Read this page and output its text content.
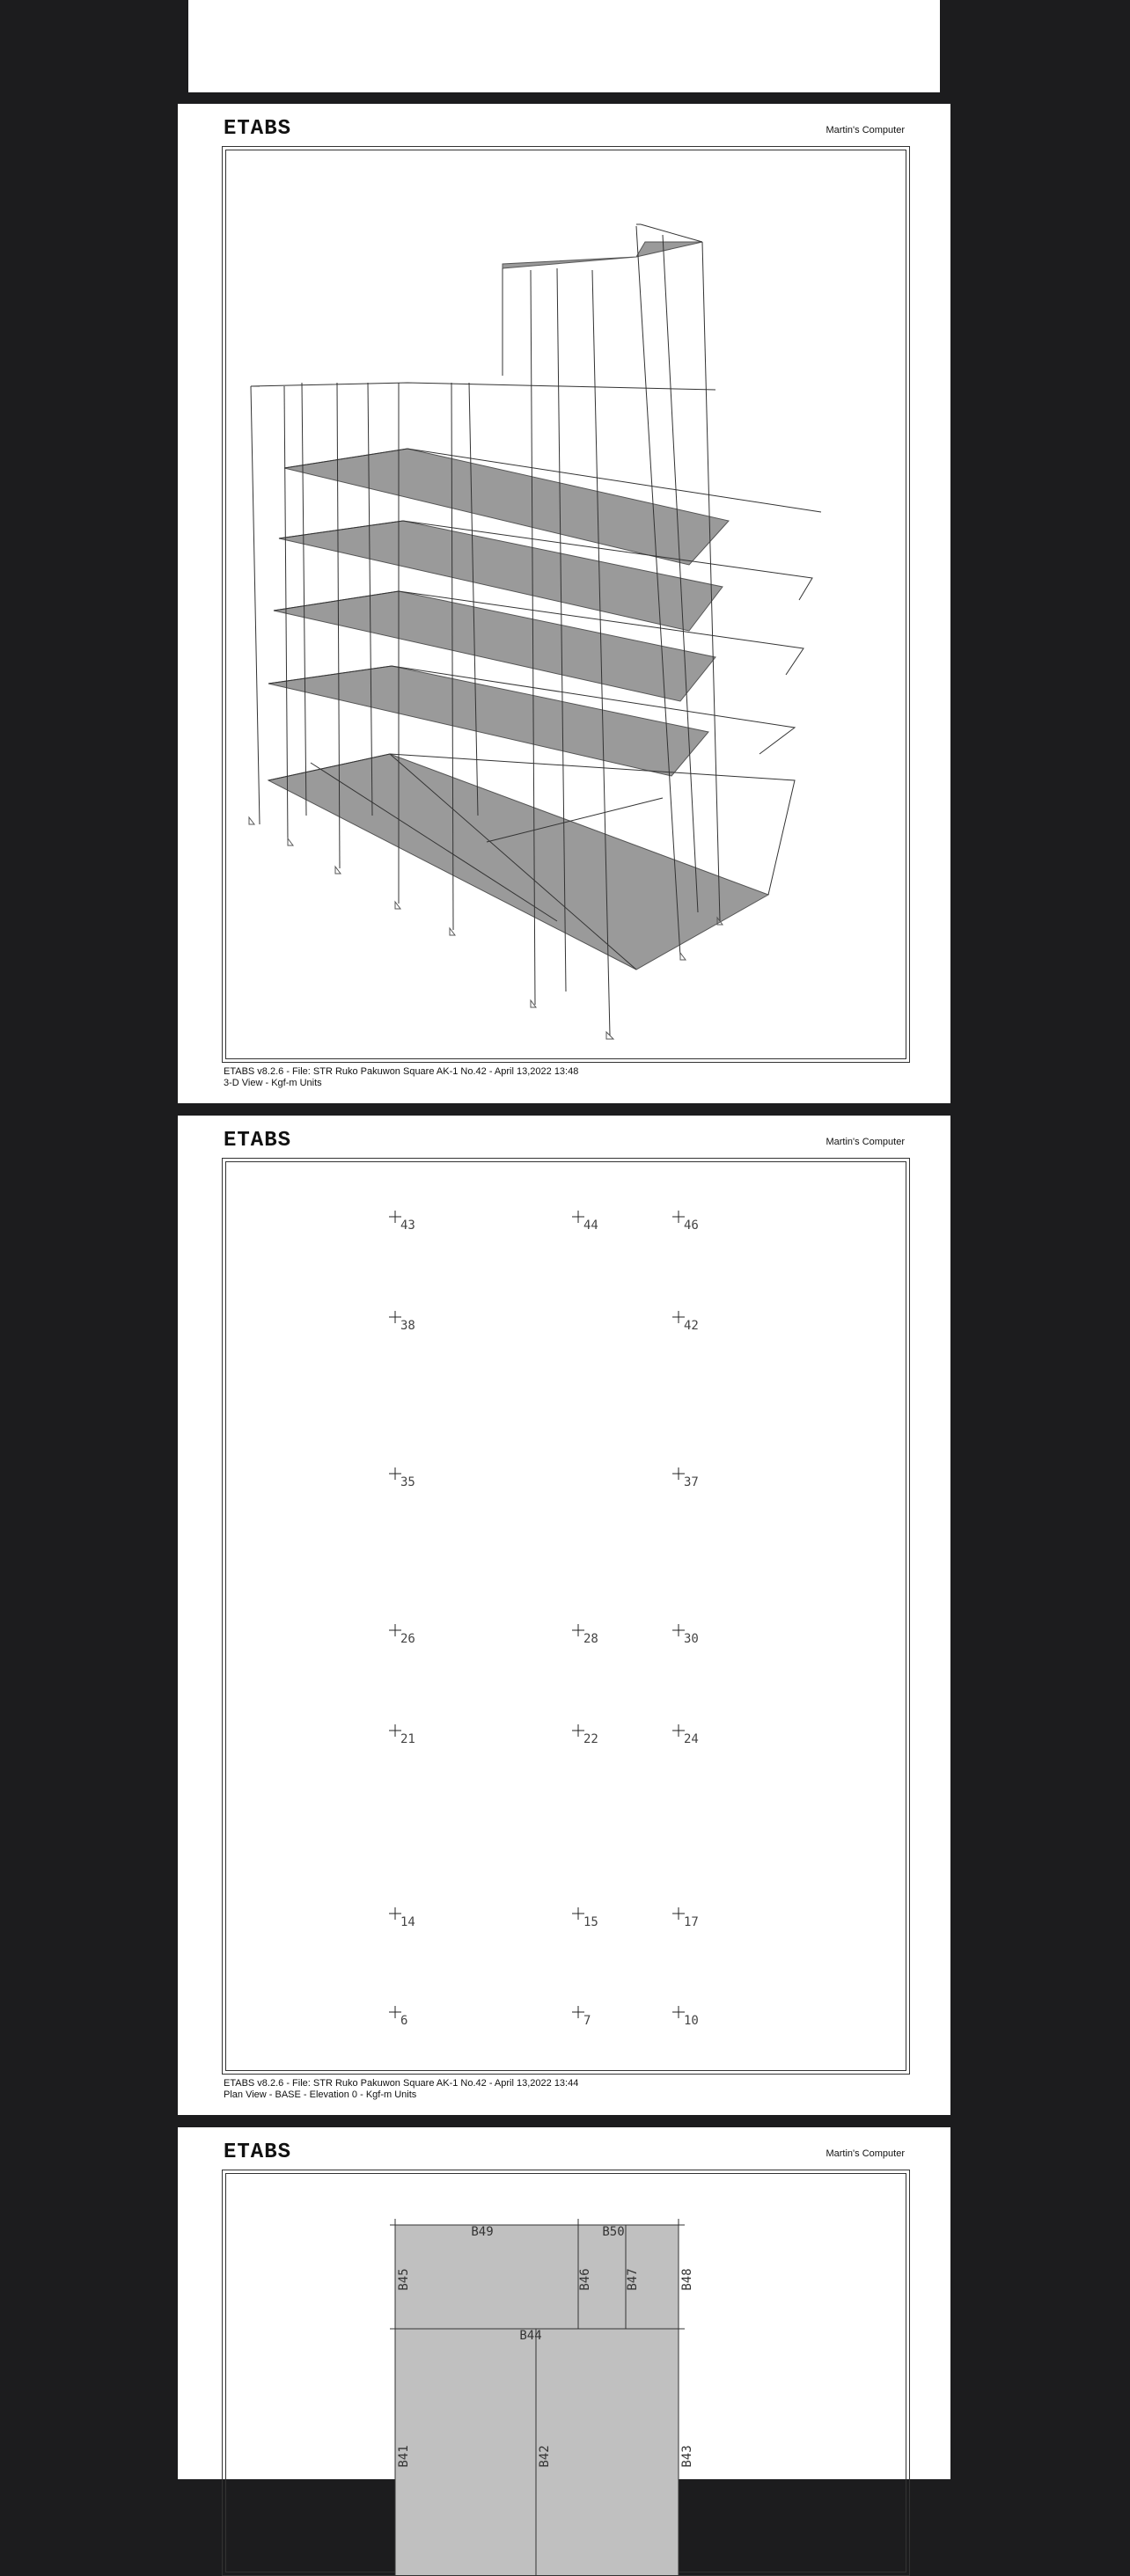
ETABS	Martin's Computer
ETABS v8.2.6 - File: STR Ruko Pakuwon Square AK-1 No.42 - April 13,2022 13:48
3-D View - Kgf-m Units
ETABS	Martin's Computer
43	44	46
38	42
35	37
26	28	30
21	22	24
14	15	17
6	7	10
ETABS v8.2.6 - File: STR Ruko Pakuwon Square AK-1 No.42 - April 13,2022 13:44
Plan View - BASE - Elevation 0 - Kgf-m Units
ETABS	Martin's Computer
B49	B50
B45	B46	B47	B48
B44
B41	B42	B43
